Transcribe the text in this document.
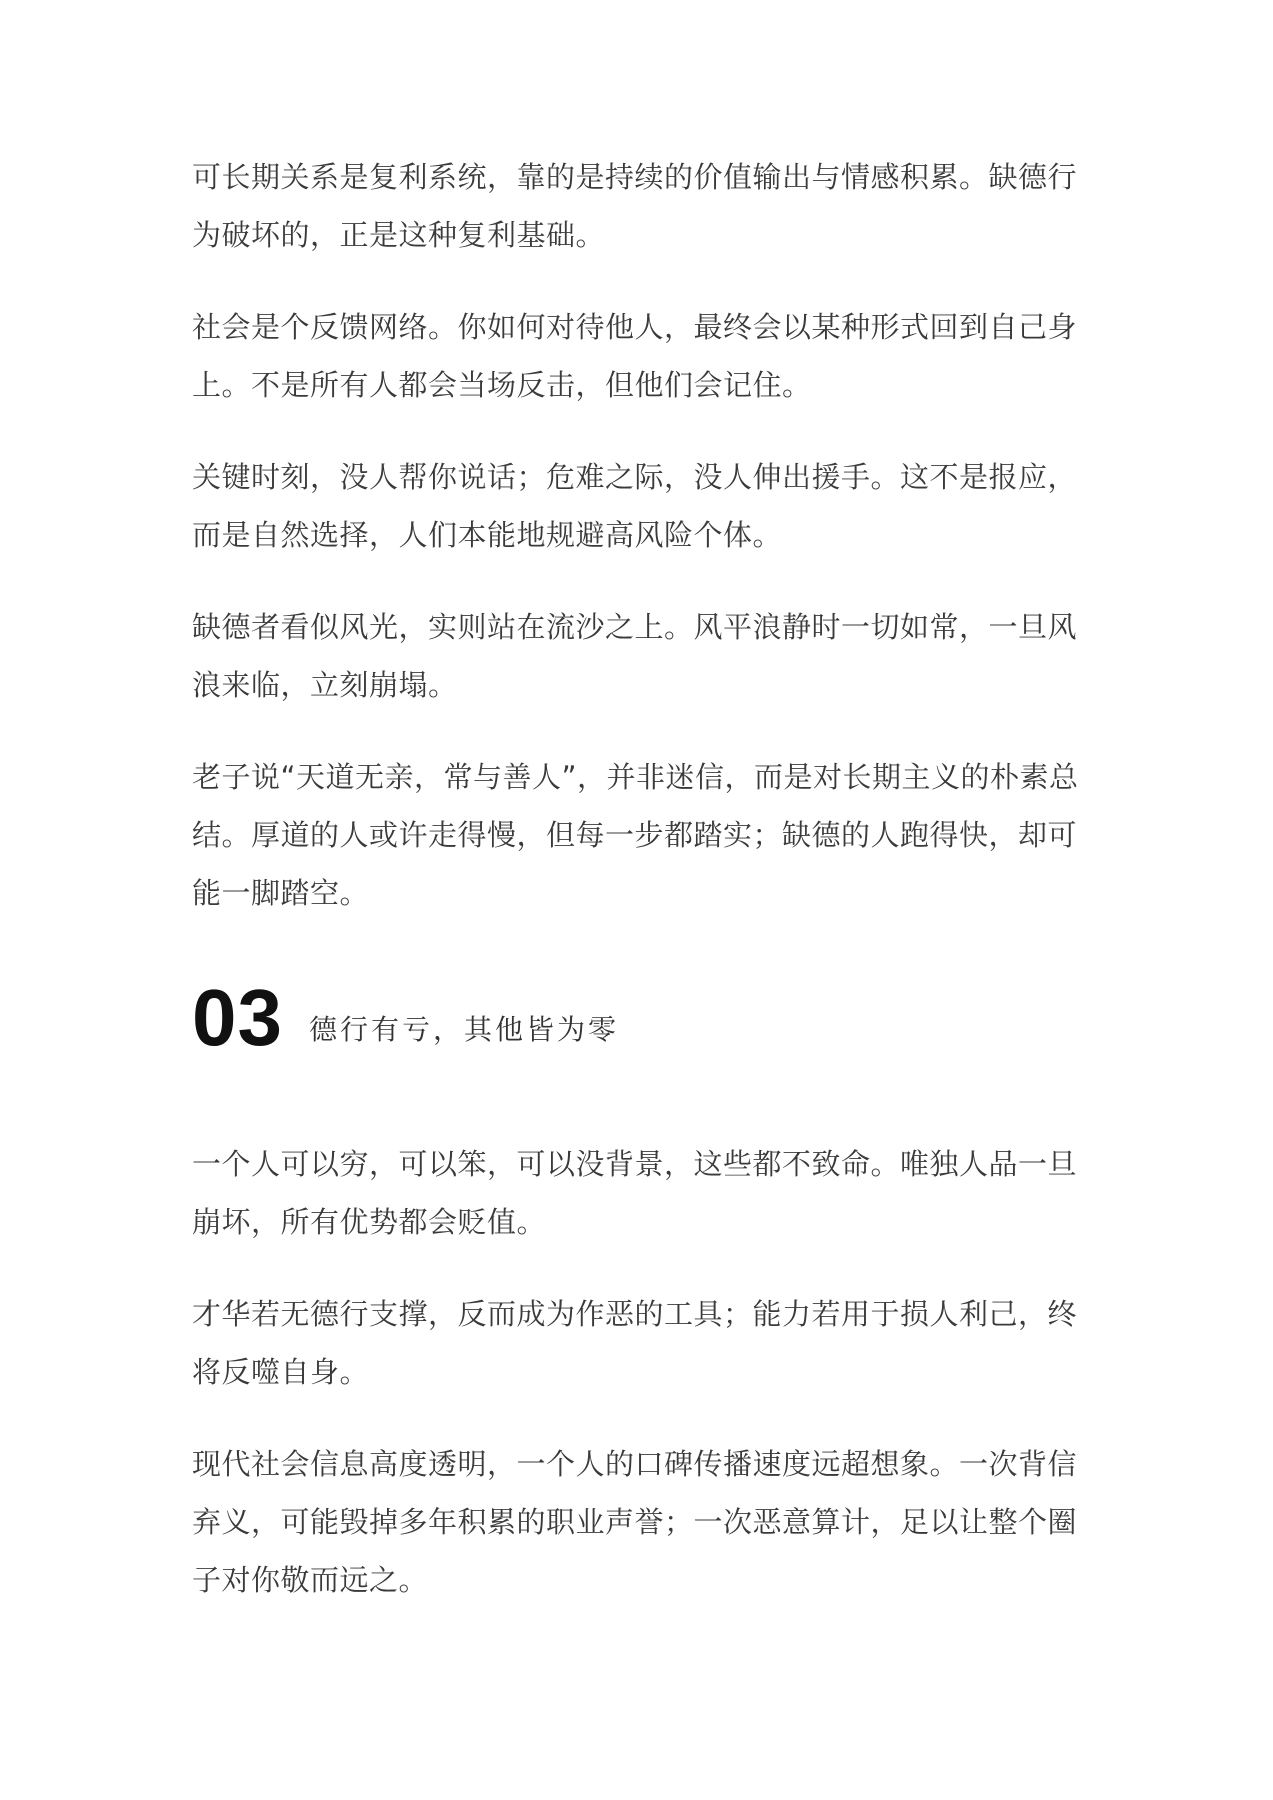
可长期关系是复利系统，靠的是持续的价值输出与情感积累。缺德行为破坏的，正是这种复利基础。

社会是个反馈网络。你如何对待他人，最终会以某种形式回到自己身上。不是所有人都会当场反击，但他们会记住。

关键时刻，没人帮你说话；危难之际，没人伸出援手。这不是报应，而是自然选择，人们本能地规避高风险个体。

缺德者看似风光，实则站在流沙之上。风平浪静时一切如常，一旦风浪来临，立刻崩塌。

老子说“天道无亲，常与善人”，并非迷信，而是对长期主义的朴素总结。厚道的人或许走得慢，但每一步都踏实；缺德的人跑得快，却可能一脚踏空。

03 德行有亏，其他皆为零

一个人可以穷，可以笨，可以没背景，这些都不致命。唯独人品一旦崩坏，所有优势都会贬值。

才华若无德行支撑，反而成为作恶的工具；能力若用于损人利己，终将反噬自身。

现代社会信息高度透明，一个人的口碑传播速度远超想象。一次背信弃义，可能毁掉多年积累的职业声誉；一次恶意算计，足以让整个圈子对你敬而远之。
